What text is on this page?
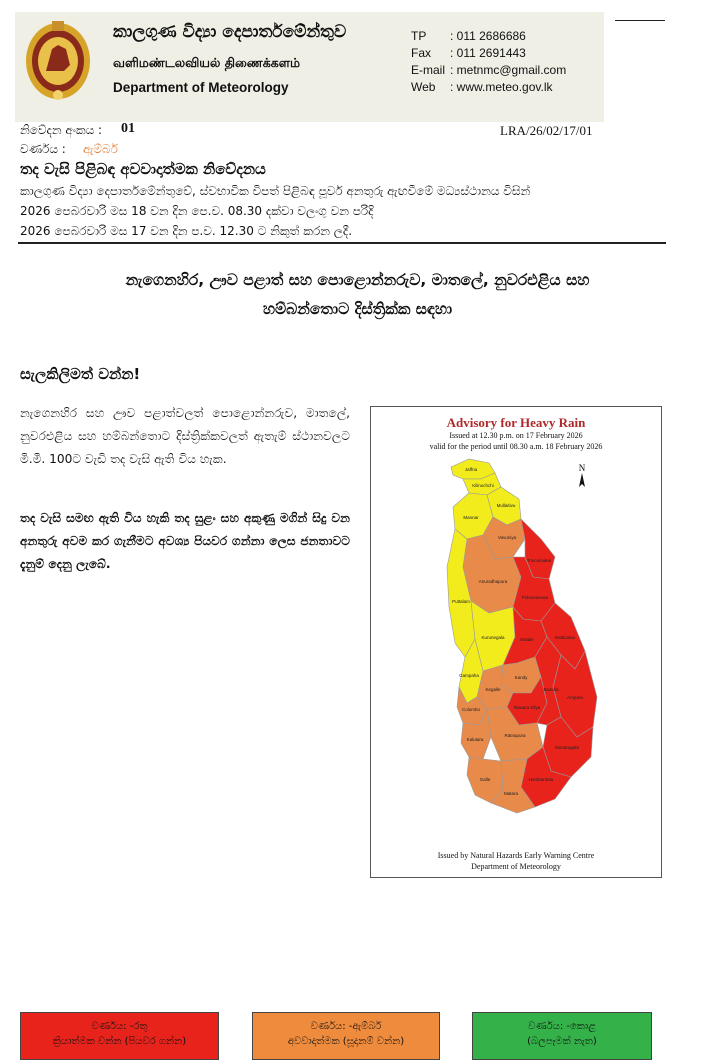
කාලගුණ විද්‍යා දෙපාර්තමේන්තුව
வளிமண்டலவியல் திணைக்களம்
Department of Meteorology
TP : 011 2686686
Fax : 011 2691443
E-mail : metnmc@gmail.com
Web : www.meteo.gov.lk
නිවේදන අංකය : 01	LRA/26/02/17/01
වර්ණය : ඇම්බර්
තද වැසි පිළිබඳ අවවාදාත්මක නිවේදනය
කාලගුණ විද්‍යා දෙපාර්තමේන්තුවේ, ස්වභාවික විපත් පිළිබඳ පූර්ව අනතුරු ඇඟවීමේ මධ්‍යස්ථානය විසින්
2026 පෙබරවාරි මස 18 වන දින පෙ.ව. 08.30 දක්වා වලංගු වන පරිදි
2026 පෙබරවාරි මස 17 වන දින ප.ව. 12.30 ට නිකුත් කරන ලදී.
නැගෙනහිර, ඌව පළාත් සහ පොළොන්නරුව, මාතලේ, නුවරඑළිය සහ
හම්බන්තොට දිස්ත්‍රික්ක සඳහා
සැලකිලිමත් වන්න!
නැගෙනහිර සහ ඌව පළාත්වලත් පොළොන්නරුව, මාතලේ, නුවරඑළිය සහ හම්බන්තොට දිස්ත්‍රික්කවලත් ඇතැම් ස්ථානවලට මි.මී. 100ට වැඩි තද වැසි ඇති විය හැක.
තද වැසි සමඟ ඇති විය හැකි තද සුළං සහ අකුණු මගින් සිදු වන අනතුරු අවම කර ගැනීමට අවශ්‍ය පියවර ගන්නා ලෙස ජනතාවට දැනුම් දෙනු ලැබේ.
Jaffna
Kilinochchi
Mullaitivu
Mannar
Vavuniya
Trincomalee
Anuradhapura
Polonnaruwa
Puttalam
Batticaloa
Kurunegala	Matale
Ampara
Kandy
Kegalle
Gampaha
Nuwara Eliya
Badulla
Colombo
Monaragala
Kalutara
Ratnapura
Hambantota
Galle
Matara
N
Advisory for Heavy Rain
Issued at 12.30 p.m. on 17 February 2026
valid for the period until 08.30 a.m. 18 February 2026
Issued by Natural Hazards Early Warning Centre
Department of Meteorology
වර්ණය: -රතු
ක්‍රියාත්මක වන්න (පියවර ගන්න)
වර්ණය: -ඇම්බර්
අවවාදාත්මක (සූදානම් වන්න)
වර්ණය: -කොළ
(බලපෑමක් නැත)
